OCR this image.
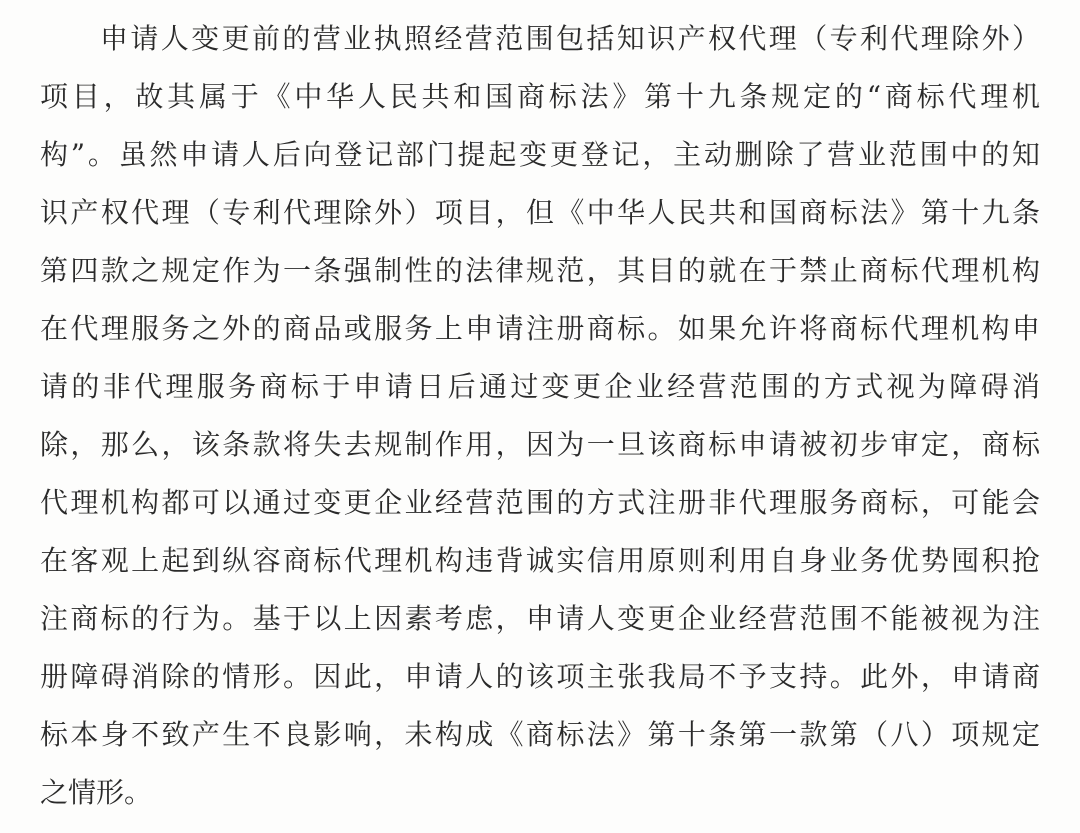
申请人变更前的营业执照经营范围包括知识产权代理（专利代理除外）
项目，故其属于《中华人民共和国商标法》第十九条规定的“商标代理机
构”。虽然申请人后向登记部门提起变更登记，主动删除了营业范围中的知
识产权代理（专利代理除外）项目，但《中华人民共和国商标法》第十九条
第四款之规定作为一条强制性的法律规范，其目的就在于禁止商标代理机构
在代理服务之外的商品或服务上申请注册商标。如果允许将商标代理机构申
请的非代理服务商标于申请日后通过变更企业经营范围的方式视为障碍消
除，那么，该条款将失去规制作用，因为一旦该商标申请被初步审定，商标
代理机构都可以通过变更企业经营范围的方式注册非代理服务商标，可能会
在客观上起到纵容商标代理机构违背诚实信用原则利用自身业务优势囤积抢
注商标的行为。基于以上因素考虑，申请人变更企业经营范围不能被视为注
册障碍消除的情形。因此，申请人的该项主张我局不予支持。此外，申请商
标本身不致产生不良影响，未构成《商标法》第十条第一款第（八）项规定
之情形。
